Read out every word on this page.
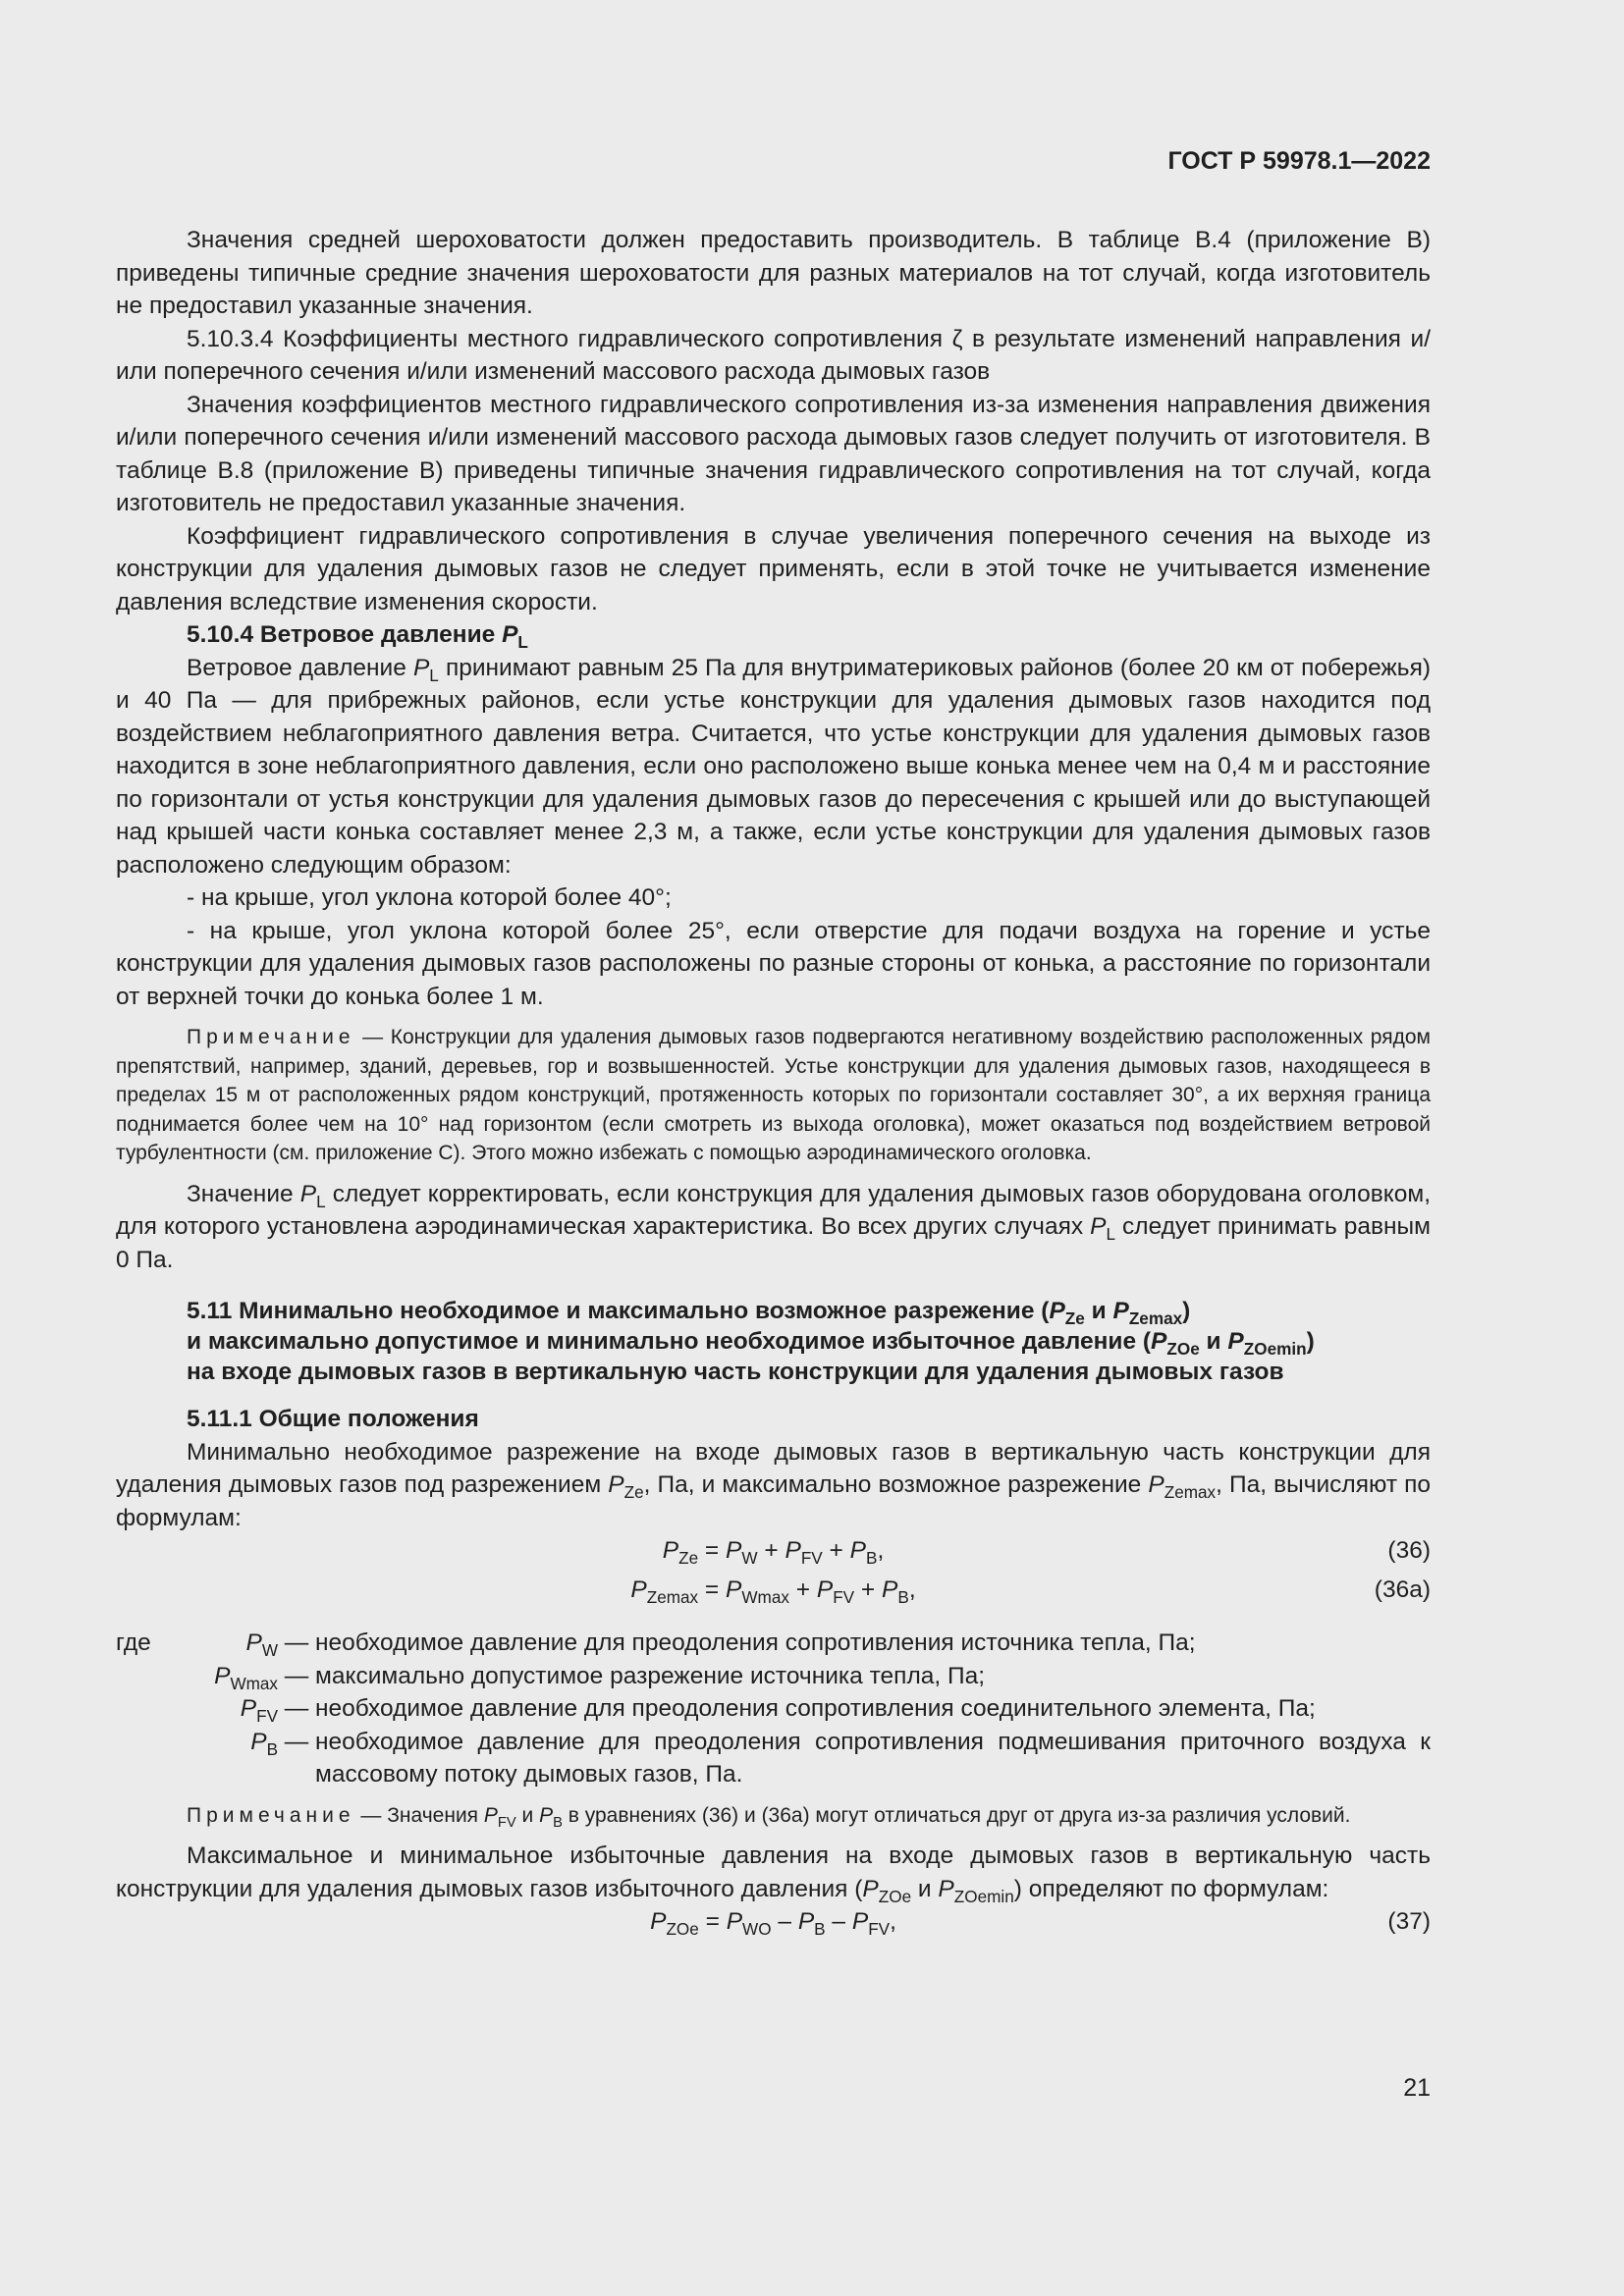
ГОСТ Р 59978.1—2022

Значения средней шероховатости должен предоставить производитель. В таблице В.4 (приложение В) приведены типичные средние значения шероховатости для разных материалов на тот случай, когда изготовитель не предоставил указанные значения.

5.10.3.4 Коэффициенты местного гидравлического сопротивления ζ в результате изменений направления и/или поперечного сечения и/или изменений массового расхода дымовых газов

Значения коэффициентов местного гидравлического сопротивления из-за изменения направления движения и/или поперечного сечения и/или изменений массового расхода дымовых газов следует получить от изготовителя. В таблице В.8 (приложение В) приведены типичные значения гидравлического сопротивления на тот случай, когда изготовитель не предоставил указанные значения.

Коэффициент гидравлического сопротивления в случае увеличения поперечного сечения на выходе из конструкции для удаления дымовых газов не следует применять, если в этой точке не учитывается изменение давления вследствие изменения скорости.

5.10.4 Ветровое давление $P_L$

Ветровое давление $P_L$ принимают равным 25 Па для внутриматериковых районов (более 20 км от побережья) и 40 Па — для прибрежных районов, если устье конструкции для удаления дымовых газов находится под воздействием неблагоприятного давления ветра. Считается, что устье конструкции для удаления дымовых газов находится в зоне неблагоприятного давления, если оно расположено выше конька менее чем на 0,4 м и расстояние по горизонтали от устья конструкции для удаления дымовых газов до пересечения с крышей или до выступающей над крышей части конька составляет менее 2,3 м, а также, если устье конструкции для удаления дымовых газов расположено следующим образом:

- на крыше, угол уклона которой более 40°;

- на крыше, угол уклона которой более 25°, если отверстие для подачи воздуха на горение и устье конструкции для удаления дымовых газов расположены по разные стороны от конька, а расстояние по горизонтали от верхней точки до конька более 1 м.

Примечание — Конструкции для удаления дымовых газов подвергаются негативному воздействию расположенных рядом препятствий, например, зданий, деревьев, гор и возвышенностей. Устье конструкции для удаления дымовых газов, находящееся в пределах 15 м от расположенных рядом конструкций, протяженность которых по горизонтали составляет 30°, а их верхняя граница поднимается более чем на 10° над горизонтом (если смотреть из выхода оголовка), может оказаться под воздействием ветровой турбулентности (см. приложение С). Этого можно избежать с помощью аэродинамического оголовка.

Значение $P_L$ следует корректировать, если конструкция для удаления дымовых газов оборудована оголовком, для которого установлена аэродинамическая характеристика. Во всех других случаях $P_L$ следует принимать равным 0 Па.

5.11 Минимально необходимое и максимально возможное разрежение ($P_{Ze}$ и $P_{Zemax}$)
и максимально допустимое и минимально необходимое избыточное давление ($P_{ZOe}$ и $P_{ZOemin}$)
на входе дымовых газов в вертикальную часть конструкции для удаления дымовых газов

5.11.1 Общие положения

Минимально необходимое разрежение на входе дымовых газов в вертикальную часть конструкции для удаления дымовых газов под разрежением $P_{Ze}$, Па, и максимально возможное разрежение $P_{Zemax}$, Па, вычисляют по формулам:

$P_{Ze} = P_W + P_{FV} + P_B$,	(36)
$P_{Zemax} = P_{Wmax} + P_{FV} + P_B$,	(36а)
где	$P_W$ — необходимое давление для преодоления сопротивления источника тепла, Па;
$P_{Wmax}$ — максимально допустимое разрежение источника тепла, Па;
$P_{FV}$ — необходимое давление для преодоления сопротивления соединительного элемента, Па;
$P_B$ — необходимое давление для преодоления сопротивления подмешивания приточного воздуха к массовому потоку дымовых газов, Па.

Примечание — Значения $P_{FV}$ и $P_B$ в уравнениях (36) и (36а) могут отличаться друг от друга из-за различия условий.

Максимальное и минимальное избыточные давления на входе дымовых газов в вертикальную часть конструкции для удаления дымовых газов избыточного давления ($P_{ZOe}$ и $P_{ZOemin}$) определяют по формулам:

$P_{ZOe} = P_{WO} - P_B - P_{FV}$,	(37)
21
